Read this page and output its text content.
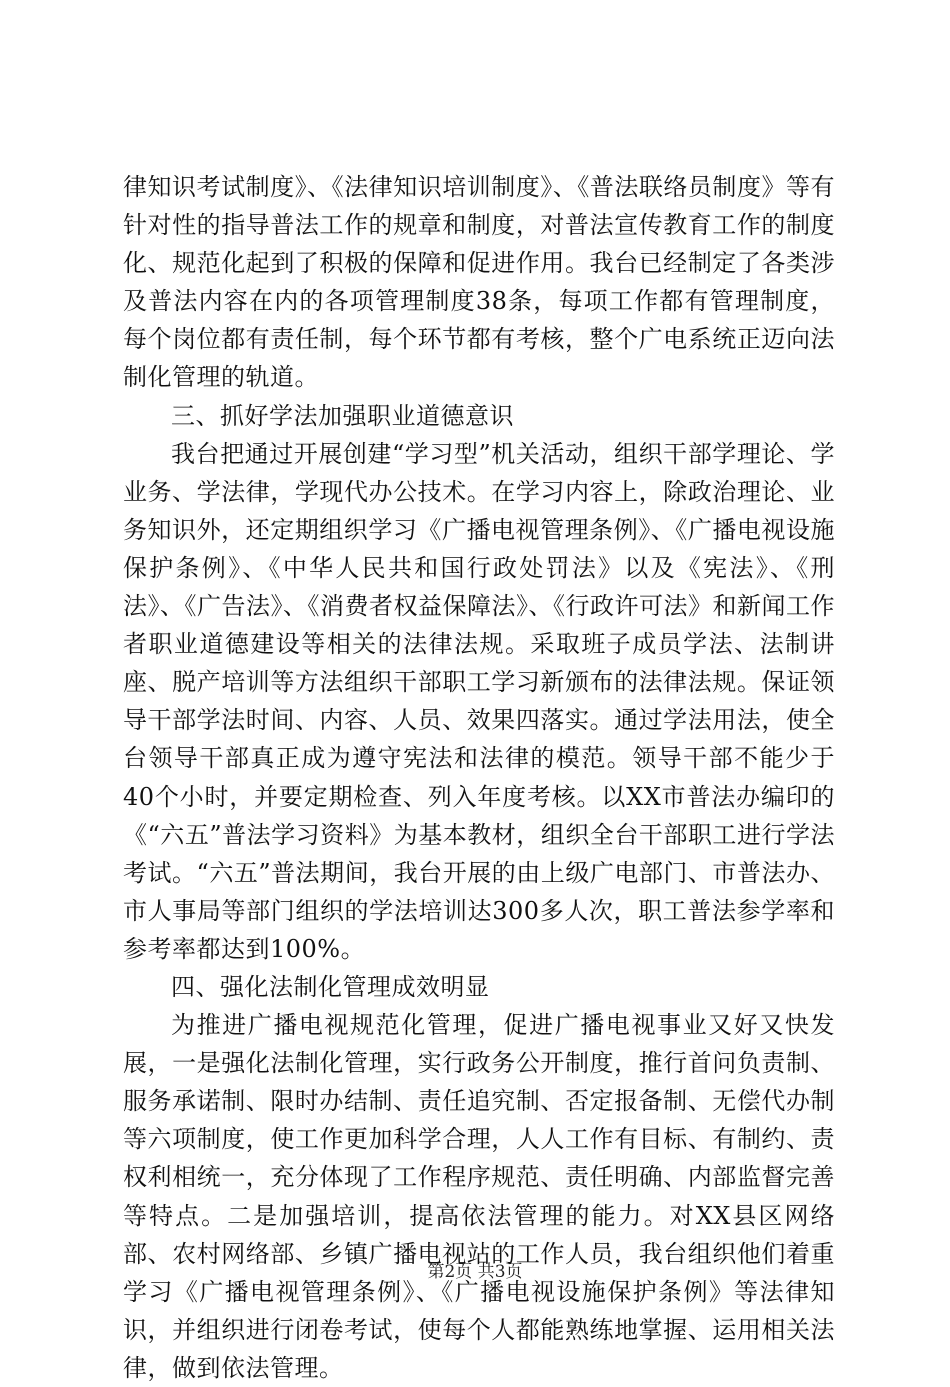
律知识考试制度》、《法律知识培训制度》、《普法联络员制度》等有针对性的指导普法工作的规章和制度，对普法宣传教育工作的制度化、规范化起到了积极的保障和促进作用。我台已经制定了各类涉及普法内容在内的各项管理制度38条，每项工作都有管理制度，每个岗位都有责任制，每个环节都有考核，整个广电系统正迈向法制化管理的轨道。

三、抓好学法加强职业道德意识

我台把通过开展创建“学习型”机关活动，组织干部学理论、学业务、学法律，学现代办公技术。在学习内容上，除政治理论、业务知识外，还定期组织学习《广播电视管理条例》、《广播电视设施保护条例》、《中华人民共和国行政处罚法》以及《宪法》、《刑法》、《广告法》、《消费者权益保障法》、《行政许可法》和新闻工作者职业道德建设等相关的法律法规。采取班子成员学法、法制讲座、脱产培训等方法组织干部职工学习新颁布的法律法规。保证领导干部学法时间、内容、人员、效果四落实。通过学法用法，使全台领导干部真正成为遵守宪法和法律的模范。领导干部不能少于40个小时，并要定期检查、列入年度考核。以XX市普法办编印的《“六五”普法学习资料》为基本教材，组织全台干部职工进行学法考试。“六五”普法期间，我台开展的由上级广电部门、市普法办、市人事局等部门组织的学法培训达300多人次，职工普法参学率和参考率都达到100%。

四、强化法制化管理成效明显

为推进广播电视规范化管理，促进广播电视事业又好又快发展，一是强化法制化管理，实行政务公开制度，推行首问负责制、服务承诺制、限时办结制、责任追究制、否定报备制、无偿代办制等六项制度，使工作更加科学合理，人人工作有目标、有制约、责权利相统一，充分体现了工作程序规范、责任明确、内部监督完善等特点。二是加强培训，提高依法管理的能力。对XX县区网络部、农村网络部、乡镇广播电视站的工作人员，我台组织他们着重学习《广播电视管理条例》、《广播电视设施保护条例》等法律知识，并组织进行闭卷考试，使每个人都能熟练地掌握、运用相关法律，做到依法管理。

第2页 共3页
